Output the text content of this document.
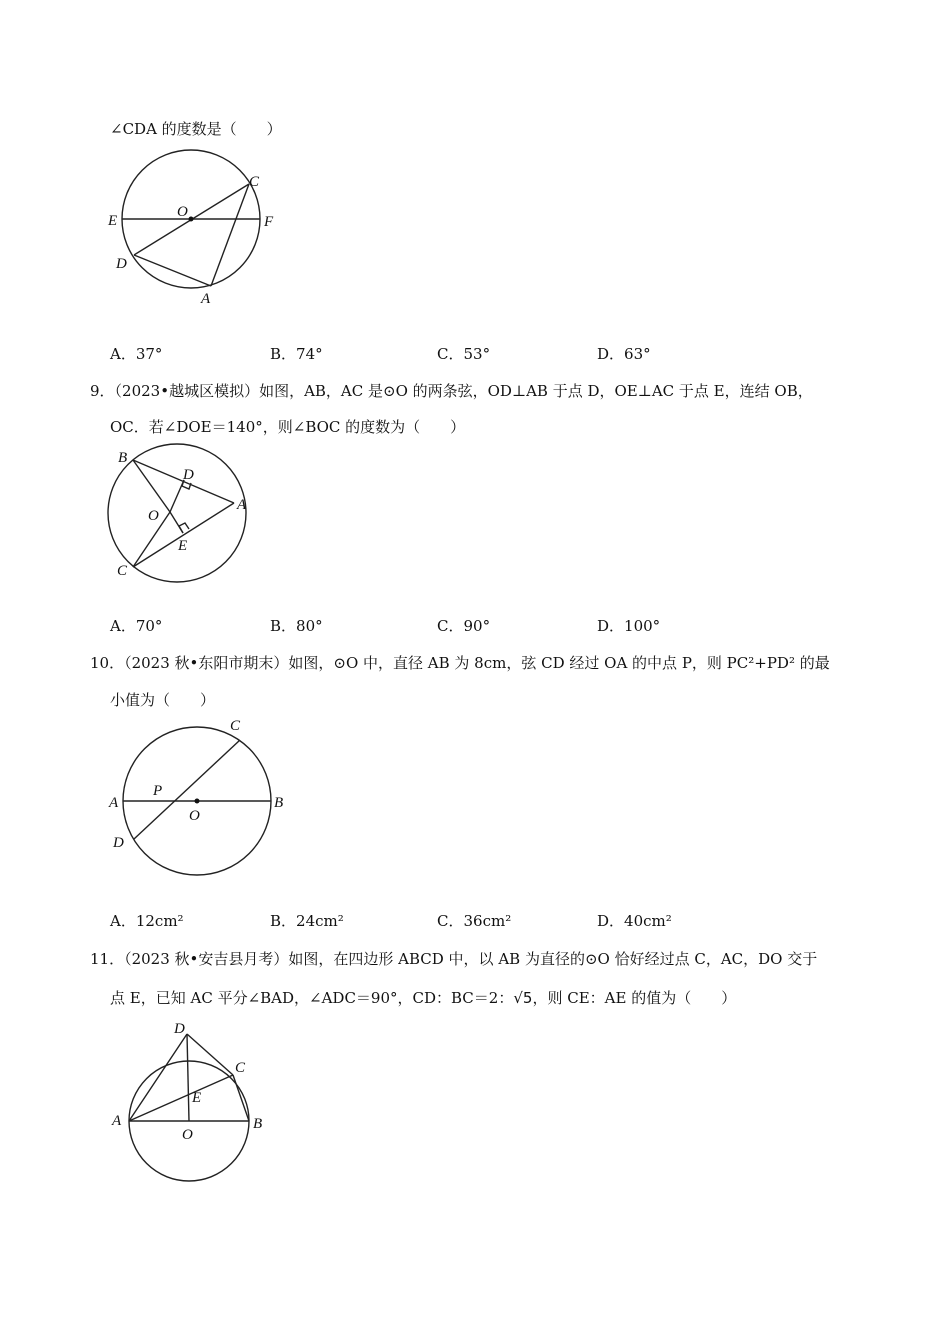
∠CDA 的度数是（　　）
C
E
O
F
D
A
A．37°	B．74°	C．53°	D．63°
9．（2023•越城区模拟）如图，AB，AC 是⊙O 的两条弦，OD⊥AB 于点 D，OE⊥AC 于点 E，连结 OB，
OC．若∠DOE＝140°，则∠BOC 的度数为（　　）
B
D
A
O
E
C
A．70°	B．80°	C．90°	D．100°
10．（2023 秋•东阳市期末）如图，⊙O 中，直径 AB 为 8cm，弦 CD 经过 OA 的中点 P，则 PC²+PD² 的最
小值为（　　）
C
A
P
B
O
D
A．12cm²	B．24cm²	C．36cm²	D．40cm²
11．（2023 秋•安吉县月考）如图，在四边形 ABCD 中，以 AB 为直径的⊙O 恰好经过点 C，AC，DO 交于
点 E，已知 AC 平分∠BAD，∠ADC＝90°，CD：BC＝2：√5，则 CE：AE 的值为（　　）
D
C
E
A
O
B
